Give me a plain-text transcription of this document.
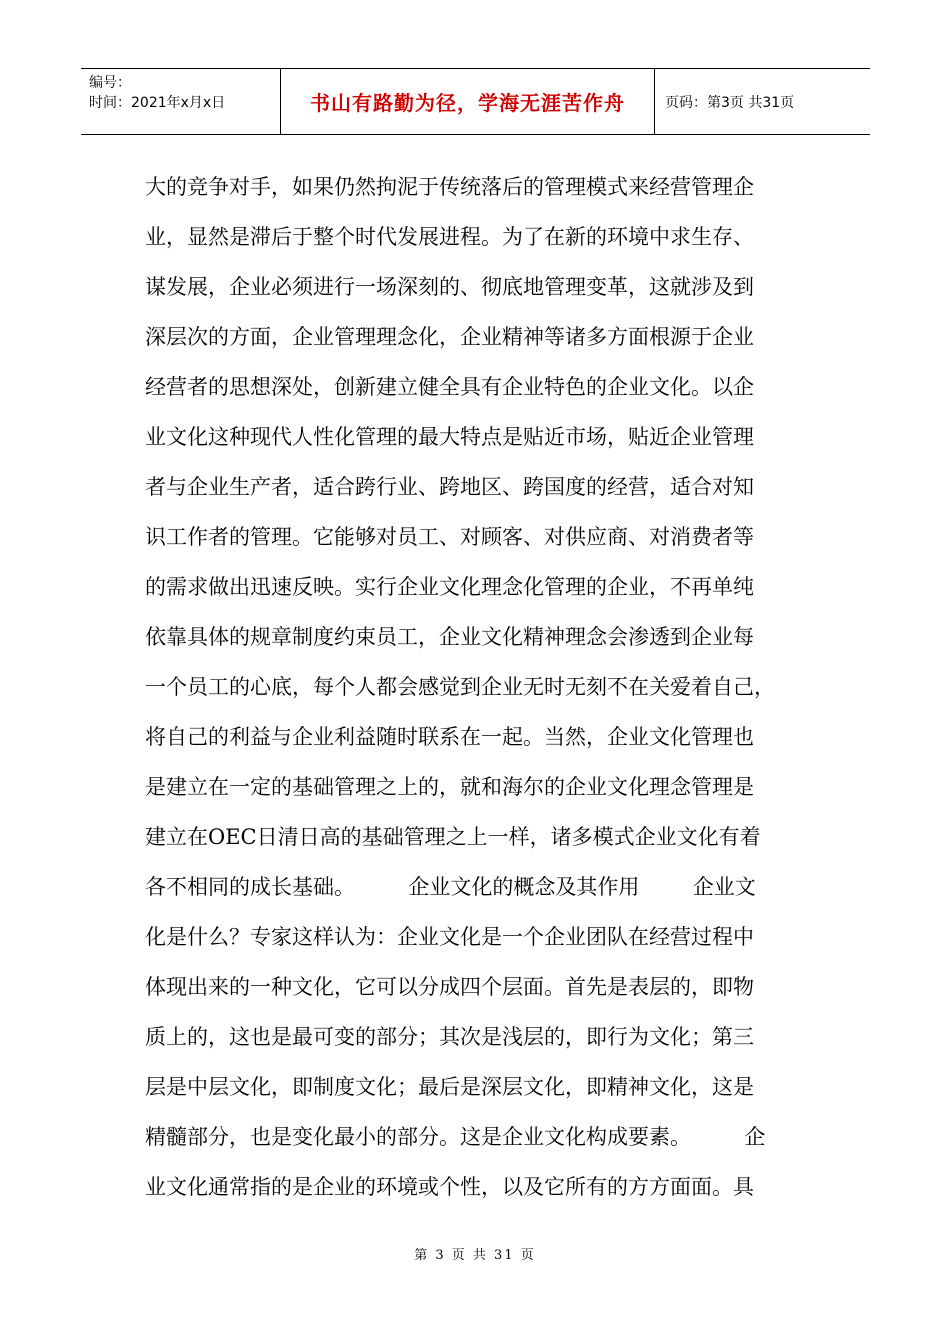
编号：
时间：2021年x月x日	书山有路勤为径，学海无涯苦作舟	页码：第3页 共31页
大的竞争对手，如果仍然拘泥于传统落后的管理模式来经营管理企
业，显然是滞后于整个时代发展进程。为了在新的环境中求生存、
谋发展，企业必须进行一场深刻的、彻底地管理变革，这就涉及到
深层次的方面，企业管理理念化，企业精神等诸多方面根源于企业
经营者的思想深处，创新建立健全具有企业特色的企业文化。以企
业文化这种现代人性化管理的最大特点是贴近市场，贴近企业管理
者与企业生产者，适合跨行业、跨地区、跨国度的经营，适合对知
识工作者的管理。它能够对员工、对顾客、对供应商、对消费者等
的需求做出迅速反映。实行企业文化理念化管理的企业，不再单纯
依靠具体的规章制度约束员工，企业文化精神理念会渗透到企业每
一个员工的心底，每个人都会感觉到企业无时无刻不在关爱着自己，
将自己的利益与企业利益随时联系在一起。当然，企业文化管理也
是建立在一定的基础管理之上的，就和海尔的企业文化理念管理是
建立在OEC日清日高的基础管理之上一样，诸多模式企业文化有着
各不相同的成长基础。        企业文化的概念及其作用        企业文
化是什么？专家这样认为：企业文化是一个企业团队在经营过程中
体现出来的一种文化，它可以分成四个层面。首先是表层的，即物
质上的，这也是最可变的部分；其次是浅层的，即行为文化；第三
层是中层文化，即制度文化；最后是深层文化，即精神文化，这是
精髓部分，也是变化最小的部分。这是企业文化构成要素。        企
业文化通常指的是企业的环境或个性，以及它所有的方方面面。具
第 3 页 共 31 页
